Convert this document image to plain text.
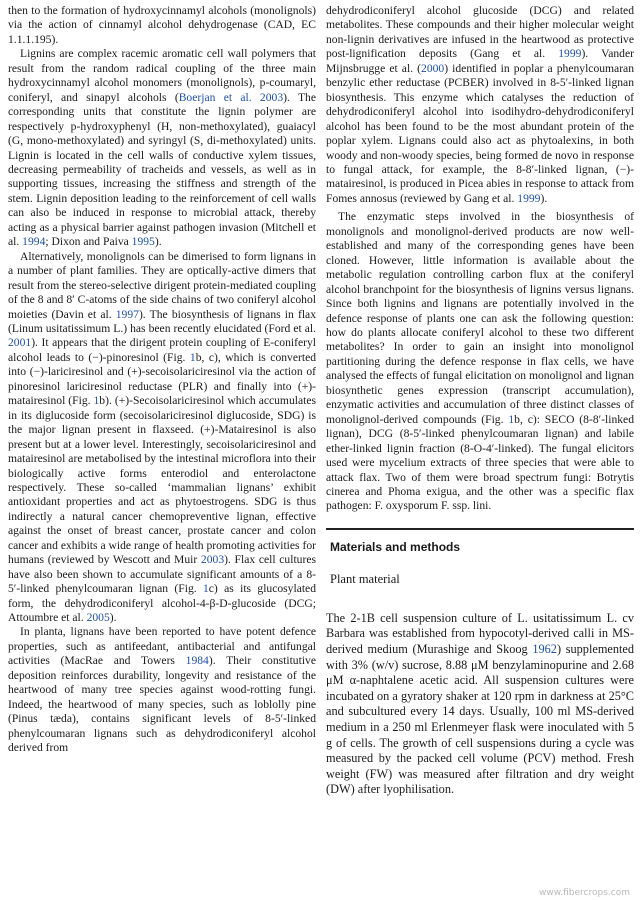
then to the formation of hydroxycinnamyl alcohols (monolignols) via the action of cinnamyl alcohol dehydrogenase (CAD, EC 1.1.1.195).

Lignins are complex racemic aromatic cell wall polymers that result from the random radical coupling of the three main hydroxycinnamyl alcohol monomers (monolignols), p-coumaryl, coniferyl, and sinapyl alcohols (Boerjan et al. 2003). The corresponding units that constitute the lignin polymer are respectively p-hydroxyphenyl (H, non-methoxylated), guaiacyl (G, mono-methoxylated) and syringyl (S, di-methoxylated) units. Lignin is located in the cell walls of conductive xylem tissues, decreasing permeability of tracheids and vessels, as well as in supporting tissues, increasing the stiffness and strength of the stem. Lignin deposition leading to the reinforcement of cell walls can also be induced in response to microbial attack, thereby acting as a physical barrier against pathogen invasion (Mitchell et al. 1994; Dixon and Paiva 1995).

Alternatively, monolignols can be dimerised to form lignans in a number of plant families. They are optically-active dimers that result from the stereo-selective dirigent protein-mediated coupling of the 8 and 8′ C-atoms of the side chains of two coniferyl alcohol moieties (Davin et al. 1997). The biosynthesis of lignans in flax (Linum usitatissimum L.) has been recently elucidated (Ford et al. 2001). It appears that the dirigent protein coupling of E-coniferyl alcohol leads to (−)-pinoresinol (Fig. 1b, c), which is converted into (−)-lariciresinol and (+)-secoisolariciresinol via the action of pinoresinol lariciresinol reductase (PLR) and finally into (+)-matairesinol (Fig. 1b). (+)-Secoisolariciresinol which accumulates in its diglucoside form (secoisolariciresinol diglucoside, SDG) is the major lignan present in flaxseed. (+)-Matairesinol is also present but at a lower level. Interestingly, secoisolariciresinol and matairesinol are metabolised by the intestinal microflora into their biologically active forms enterodiol and enterolactone respectively. These so-called ‘mammalian lignans’ exhibit antioxidant properties and act as phytoestrogens. SDG is thus indirectly a natural cancer chemopreventive lignan, effective against the onset of breast cancer, prostate cancer and colon cancer and exhibits a wide range of health promoting activities for humans (reviewed by Wescott and Muir 2003). Flax cell cultures have also been shown to accumulate significant amounts of a 8-5′-linked phenylcoumaran lignan (Fig. 1c) as its glucosylated form, the dehydrodiconiferyl alcohol-4-β-D-glucoside (DCG; Attoumbre et al. 2005).

In planta, lignans have been reported to have potent defence properties, such as antifeedant, antibacterial and antifungal activities (MacRae and Towers 1984). Their constitutive deposition reinforces durability, longevity and resistance of the heartwood of many tree species against wood-rotting fungi. Indeed, the heartwood of many species, such as loblolly pine (Pinus tæda), contains significant levels of 8-5′-linked phenylcoumaran lignans such as dehydrodiconiferyl alcohol derived from

dehydrodiconiferyl alcohol glucoside (DCG) and related metabolites. These compounds and their higher molecular weight non-lignin derivatives are infused in the heartwood as protective post-lignification deposits (Gang et al. 1999). Vander Mijnsbrugge et al. (2000) identified in poplar a phenylcoumaran benzylic ether reductase (PCBER) involved in 8-5′-linked lignan biosynthesis. This enzyme which catalyses the reduction of dehydrodiconiferyl alcohol into isodihydro-dehydrodiconiferyl alcohol has been found to be the most abundant protein of the poplar xylem. Lignans could also act as phytoalexins, in both woody and non-woody species, being formed de novo in response to fungal attack, for example, the 8-8′-linked lignan, (−)-matairesinol, is produced in Picea abies in response to attack from Fomes annosus (reviewed by Gang et al. 1999).

The enzymatic steps involved in the biosynthesis of monolignols and monolignol-derived products are now well-established and many of the corresponding genes have been cloned. However, little information is available about the metabolic regulation controlling carbon flux at the coniferyl alcohol branchpoint for the biosynthesis of lignins versus lignans. Since both lignins and lignans are potentially involved in the defence response of plants one can ask the following question: how do plants allocate coniferyl alcohol to these two different metabolites? In order to gain an insight into monolignol partitioning during the defence response in flax cells, we have analysed the effects of fungal elicitation on monolignol and lignan biosynthetic genes expression (transcript accumulation), enzymatic activities and accumulation of three distinct classes of monolignol-derived compounds (Fig. 1b, c): SECO (8-8′-linked lignan), DCG (8-5′-linked phenylcoumaran lignan) and labile ether-linked lignin fraction (8-O-4′-linked). The fungal elicitors used were mycelium extracts of three species that were able to attack flax. Two of them were broad spectrum fungi: Botrytis cinerea and Phoma exigua, and the other was a specific flax pathogen: F. oxysporum F. ssp. lini.

Materials and methods
Plant material

The 2-1B cell suspension culture of L. usitatissimum L. cv Barbara was established from hypocotyl-derived calli in MS-derived medium (Murashige and Skoog 1962) supplemented with 3% (w/v) sucrose, 8.88 μM benzylaminopurine and 2.68 μM α-naphtalene acetic acid. All suspension cultures were incubated on a gyratory shaker at 120 rpm in darkness at 25°C and subcultured every 14 days. Usually, 100 ml MS-derived medium in a 250 ml Erlenmeyer flask were inoculated with 5 g of cells. The growth of cell suspensions during a cycle was measured by the packed cell volume (PCV) method. Fresh weight (FW) was measured after filtration and dry weight (DW) after lyophilisation.

www.fibercrops.com
